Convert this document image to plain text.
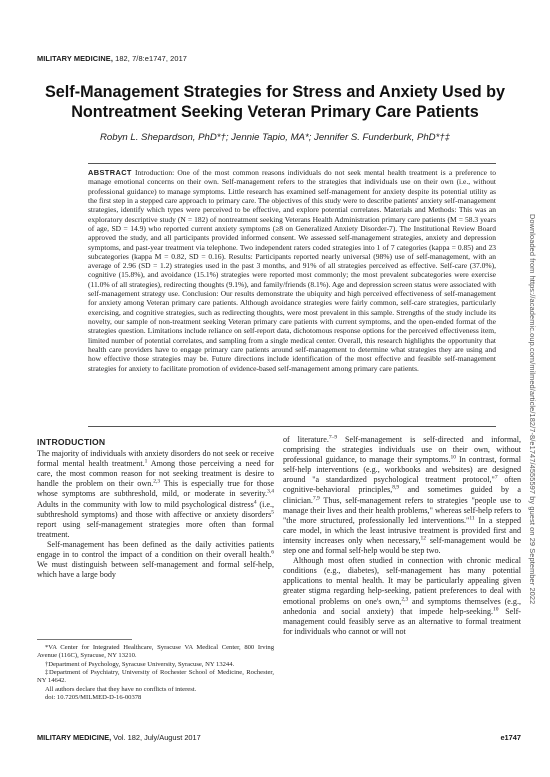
MILITARY MEDICINE, 182, 7/8:e1747, 2017
Self-Management Strategies for Stress and Anxiety Used by Nontreatment Seeking Veteran Primary Care Patients
Robyn L. Shepardson, PhD*†; Jennie Tapio, MA*; Jennifer S. Funderburk, PhD*†‡

ABSTRACT Introduction: One of the most common reasons individuals do not seek mental health treatment is a preference to manage emotional concerns on their own. Self-management refers to the strategies that individuals use on their own (i.e., without professional guidance) to manage symptoms. Little research has examined self-management for anxiety despite its potential utility as the first step in a stepped care approach to primary care. The objectives of this study were to describe patients' anxiety self-management strategies, identify which types were perceived to be effective, and explore potential correlates. Materials and Methods: This was an exploratory descriptive study (N = 182) of nontreatment seeking Veterans Health Administration primary care patients (M = 58.3 years of age, SD = 14.9) who reported current anxiety symptoms (≥8 on Generalized Anxiety Disorder-7). The Institutional Review Board approved the study, and all participants provided informed consent. We assessed self-management strategies, anxiety and depression symptoms, and past-year treatment via telephone. Two independent raters coded strategies into 1 of 7 categories (kappa = 0.85) and 23 subcategories (kappa M = 0.82, SD = 0.16). Results: Participants reported nearly universal (98%) use of self-management, with an average of 2.96 (SD = 1.2) strategies used in the past 3 months, and 91% of all strategies perceived as effective. Self-care (37.0%), cognitive (15.8%), and avoidance (15.1%) strategies were reported most commonly; the most prevalent subcategories were exercise (11.0% of all strategies), redirecting thoughts (9.1%), and family/friends (8.1%). Age and depression screen status were associated with self-management strategy use. Conclusion: Our results demonstrate the ubiquity and high perceived effectiveness of self-management for anxiety among Veteran primary care patients. Although avoidance strategies were fairly common, self-care strategies, particularly exercising, and cognitive strategies, such as redirecting thoughts, were most prevalent in this sample. Strengths of the study include its novelty, our sample of non-treatment seeking Veteran primary care patients with current symptoms, and the open-ended format of the strategies question. Limitations include reliance on self-report data, dichotomous response options for the perceived effectiveness item, limited number of potential correlates, and sampling from a single medical center. Overall, this research highlights the opportunity that health care providers have to engage primary care patients around self-management to determine what strategies they are using and how effective those strategies may be. Future directions include identification of the most effective and feasible self-management strategies for anxiety to facilitate promotion of evidence-based self-management among primary care patients.

INTRODUCTION

The majority of individuals with anxiety disorders do not seek or receive formal mental health treatment.$^1$ Among those perceiving a need for care, the most common reason for not seeking treatment is desire to handle the problem on their own.$^{2,3}$ This is especially true for those whose symptoms are subthreshold, mild, or moderate in severity.$^{3,4}$ Adults in the community with low to mild psychological distress$^4$ (i.e., subthreshold symptoms) and those with affective or anxiety disorders$^5$ report using self-management strategies more often than formal treatment.

Self-management has been defined as the daily activities patients engage in to control the impact of a condition on their overall health.$^6$ We must distinguish between self-management and formal self-help, which have a large body

of literature.$^{7-9}$ Self-management is self-directed and informal, comprising the strategies individuals use on their own, without professional guidance, to manage their symptoms.$^{10}$ In contrast, formal self-help interventions (e.g., workbooks and websites) are designed around "a standardized psychological treatment protocol,"$^7$ often cognitive-behavioral principles,$^{8,9}$ and sometimes guided by a clinician.$^{7,9}$ Thus, self-management refers to strategies "people use to manage their lives and their health problems," whereas self-help refers to "the more structured, professionally led interventions."$^{11}$ In a stepped care model, in which the least intrusive treatment is provided first and intensity increases only when necessary,$^{12}$ self-management would be step one and formal self-help would be step two.

Although most often studied in connection with chronic medical conditions (e.g., diabetes), self-management has many potential applications to mental health. It may be particularly appealing given greater stigma regarding help-seeking, patient preferences to deal with emotional problems on one's own,$^{2,3}$ and symptoms themselves (e.g., anhedonia and social anxiety) that impede help-seeking.$^{10}$ Self-management could feasibly serve as an alternative to formal treatment for individuals who cannot or will not

*VA Center for Integrated Healthcare, Syracuse VA Medical Center, 800 Irving Avenue (116C), Syracuse, NY 13210.

†Department of Psychology, Syracuse University, Syracuse, NY 13244.

‡Department of Psychiatry, University of Rochester School of Medicine, Rochester, NY 14642.

All authors declare that they have no conflicts of interest.

doi: 10.7205/MILMED-D-16-00378

Downloaded from https://academic.oup.com/milmed/article/182/7-8/e1747/4555597 by guest on 29 September 2022
MILITARY MEDICINE, Vol. 182, July/August 2017	e1747
